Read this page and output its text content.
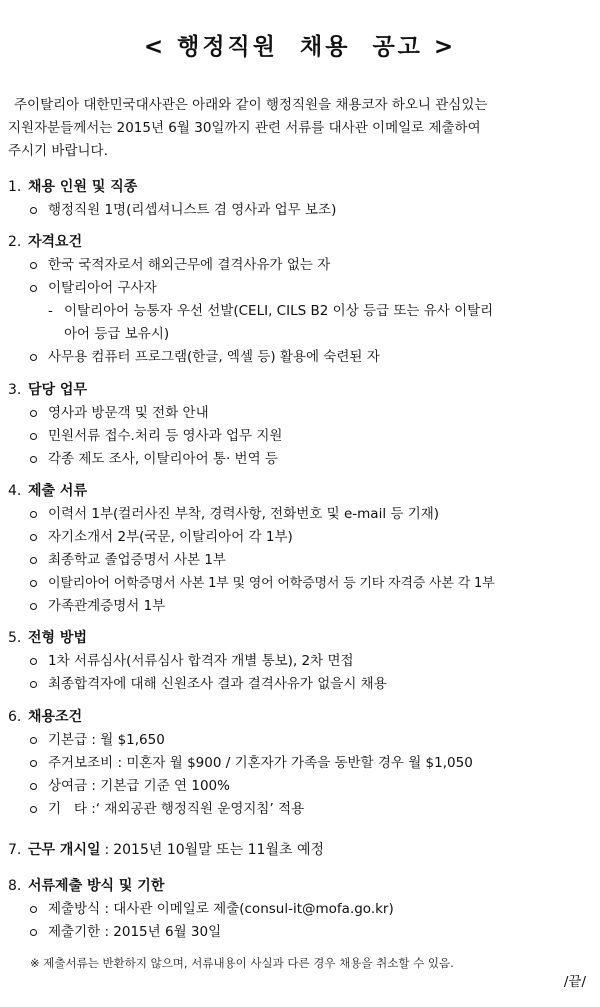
< 행정직원  채용  공고 >
주이탈리아 대한민국대사관은 아래와 같이 행정직원을 채용코자 하오니 관심있는
지원자분들께서는 2015년 6월 30일까지 관련 서류를 대사관 이메일로 제출하여
주시기 바랍니다.
1. 채용 인원 및 직종
행정직원 1명(리셉셔니스트 겸 영사과 업무 보조)
2. 자격요건
한국 국적자로서 해외근무에 결격사유가 없는 자
이탈리아어 구사자
- 이탈리아어 능통자 우선 선발(CELI, CILS B2 이상 등급 또는 유사 이탈리
아어 등급 보유시)
사무용 컴퓨터 프로그램(한글, 엑셀 등) 활용에 숙련된 자
3. 담당 업무
영사과 방문객 및 전화 안내
민원서류 접수.처리 등 영사과 업무 지원
각종 제도 조사, 이탈리아어 통· 번역 등
4. 제출 서류
이력서 1부(컬러사진 부착, 경력사항, 전화번호 및 e-mail 등 기재)
자기소개서 2부(국문, 이탈리아어 각 1부)
최종학교 졸업증명서 사본 1부
이탈리아어 어학증명서 사본 1부 및 영어 어학증명서 등 기타 자격증 사본 각 1부
가족관계증명서 1부
5. 전형 방법
1차 서류심사(서류심사 합격자 개별 통보), 2차 면접
최종합격자에 대해 신원조사 결과 결격사유가 없을시 채용
6. 채용조건
기본급 : 월 $1,650
주거보조비 : 미혼자 월 $900 / 기혼자가 가족을 동반할 경우 월 $1,050
상여금 : 기본급 기준 연 100%
기   타 :‘ 재외공관 행정직원 운영지침’ 적용
7. 근무 개시일 : 2015년 10월말 또는 11월초 예정
8. 서류제출 방식 및 기한
제출방식 : 대사관 이메일로 제출(consul-it@mofa.go.kr)
제출기한 : 2015년 6월 30일
※ 제출서류는 반환하지 않으며, 서류내용이 사실과 다른 경우 채용을 취소할 수 있음.
/끝/
